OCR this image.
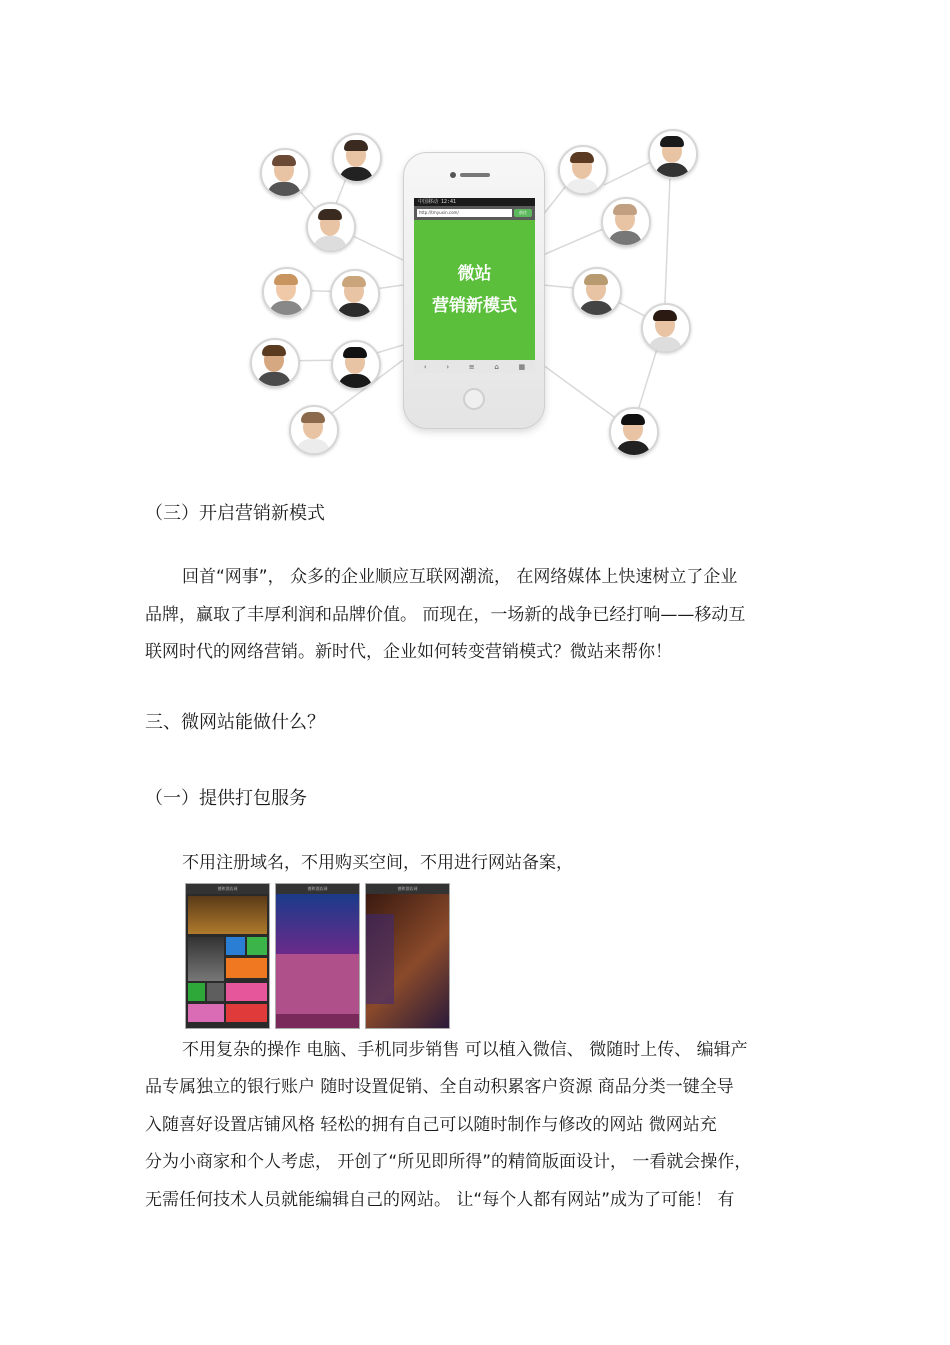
中国移动 12:41
http://tmyuxin.com/	前往
微站
营销新模式
‹	›	≡	⌂	▦
（三）开启营销新模式
回首“网事”， 众多的企业顺应互联网潮流， 在网络媒体上快速树立了企业
品牌，赢取了丰厚利润和品牌价值。 而现在，一场新的战争已经打响——移动互
联网时代的网络营销。新时代，企业如何转变营销模式？微站来帮你！
三、微网站能做什么？
（一）提供打包服务
不用注册域名，不用购买空间，不用进行网站备案，
德和酒店网	德和酒店网	德和酒店网
不用复杂的操作 电脑、手机同步销售 可以植入微信、 微随时上传、 编辑产
品专属独立的银行账户 随时设置促销、全自动积累客户资源 商品分类一键全导
入随喜好设置店铺风格 轻松的拥有自己可以随时制作与修改的网站 微网站充
分为小商家和个人考虑， 开创了“所见即所得”的精简版面设计， 一看就会操作，
无需任何技术人员就能编辑自己的网站。 让“每个人都有网站”成为了可能！ 有
